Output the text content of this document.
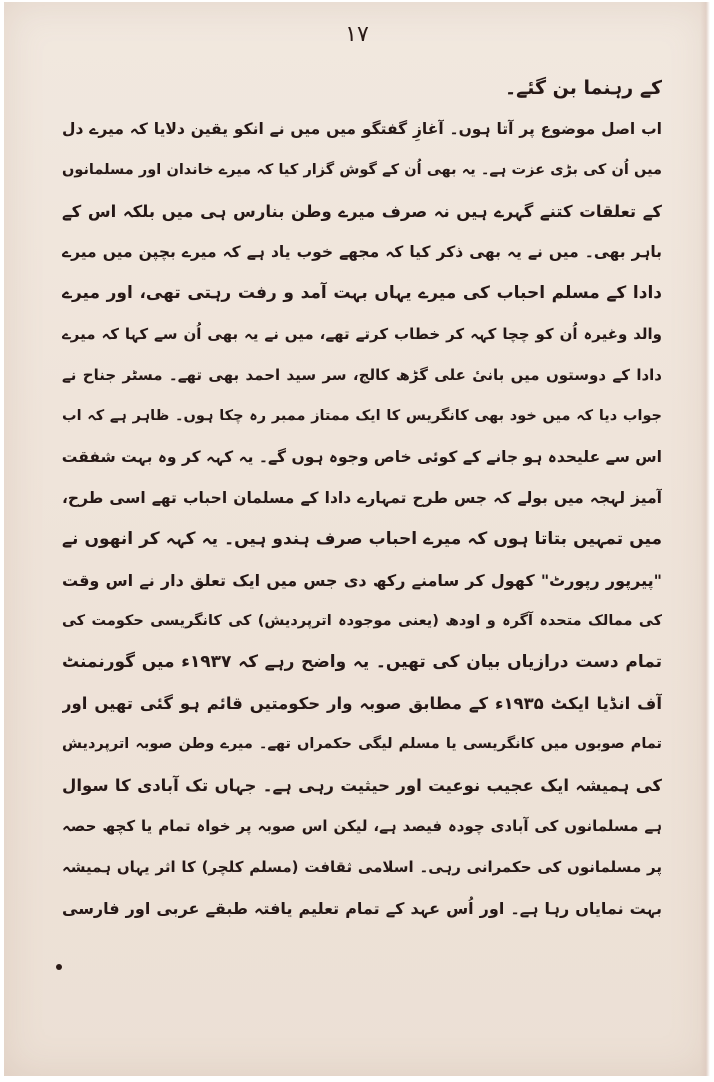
۱۷
کے رہنما بن گئے۔
اب اصل موضوع پر آتا ہوں۔ آغازِ گفتگو میں میں نے انکو یقین دلایا کہ میرے دل
میں اُن کی بڑی عزت ہے۔ یہ بھی اُن کے گوش گزار کیا کہ میرے خاندان اور مسلمانوں
کے تعلقات کتنے گہرے ہیں نہ صرف میرے وطن بنارس ہی میں بلکہ اس کے
باہر بھی۔ میں نے یہ بھی ذکر کیا کہ مجھے خوب یاد ہے کہ میرے بچپن میں میرے
دادا کے مسلم احباب کی میرے یہاں بہت آمد و رفت رہتی تھی، اور میرے
والد وغیرہ اُن کو چچا کہہ کر خطاب کرتے تھے، میں نے یہ بھی اُن سے کہا کہ میرے
دادا کے دوستوں میں بانیٔ علی گڑھ کالج، سر سید احمد بھی تھے۔ مسٹر جناح نے
جواب دیا کہ میں خود بھی کانگریس کا ایک ممتاز ممبر رہ چکا ہوں۔ ظاہر ہے کہ اب
اس سے علیحدہ ہو جانے کے کوئی خاص وجوہ ہوں گے۔ یہ کہہ کر وہ بہت شفقت
آمیز لہجہ میں بولے کہ جس طرح تمہارے دادا کے مسلمان احباب تھے اسی طرح،
میں تمہیں بتاتا ہوں کہ میرے احباب صرف ہندو ہیں۔ یہ کہہ کر انھوں نے
"پیرپور رپورٹ" کھول کر سامنے رکھ دی جس میں ایک تعلق دار نے اس وقت
کی ممالک متحدہ آگرہ و اودھ (یعنی موجودہ اترپردیش) کی کانگریسی حکومت کی
تمام دست درازیاں بیان کی تھیں۔ یہ واضح رہے کہ ۱۹۳۷ء میں گورنمنٹ
آف انڈیا ایکٹ ۱۹۳۵ء کے مطابق صوبہ وار حکومتیں قائم ہو گئی تھیں اور
تمام صوبوں میں کانگریسی یا مسلم لیگی حکمراں تھے۔ میرے وطن صوبہ اترپردیش
کی ہمیشہ ایک عجیب نوعیت اور حیثیت رہی ہے۔ جہاں تک آبادی کا سوال
ہے مسلمانوں کی آبادی چودہ فیصد ہے، لیکن اس صوبہ پر خواہ تمام یا کچھ حصہ
پر مسلمانوں کی حکمرانی رہی۔ اسلامی ثقافت (مسلم کلچر) کا اثر یہاں ہمیشہ
بہت نمایاں رہا ہے۔ اور اُس عہد کے تمام تعلیم یافتہ طبقے عربی اور فارسی
